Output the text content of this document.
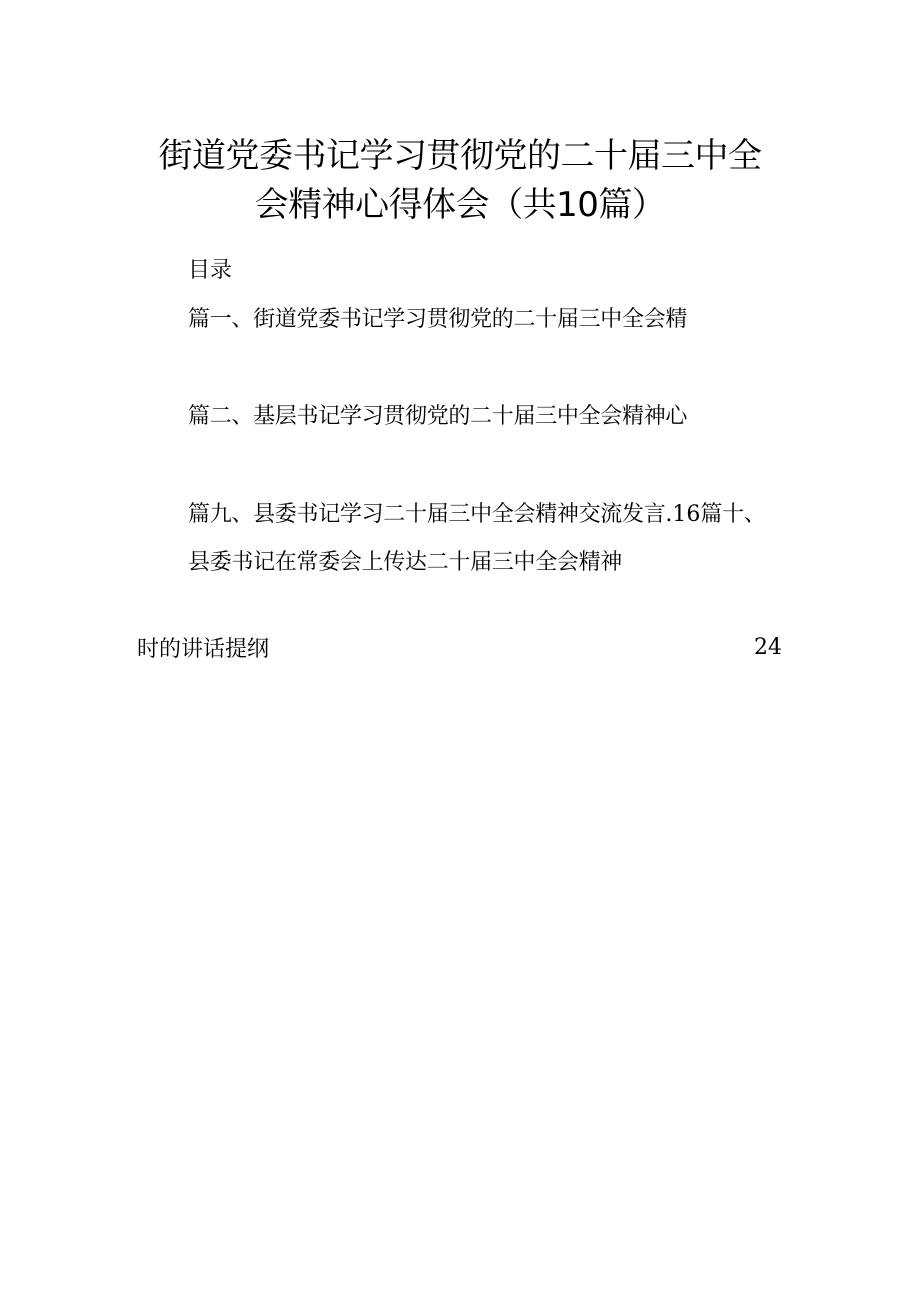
街道党委书记学习贯彻党的二十届三中全
会精神心得体会（共10篇）
目录
篇一、街道党委书记学习贯彻党的二十届三中全会精
篇二、基层书记学习贯彻党的二十届三中全会精神心
篇九、县委书记学习二十届三中全会精神交流发言.16篇十、
县委书记在常委会上传达二十届三中全会精神
时的讲话提纲	24
